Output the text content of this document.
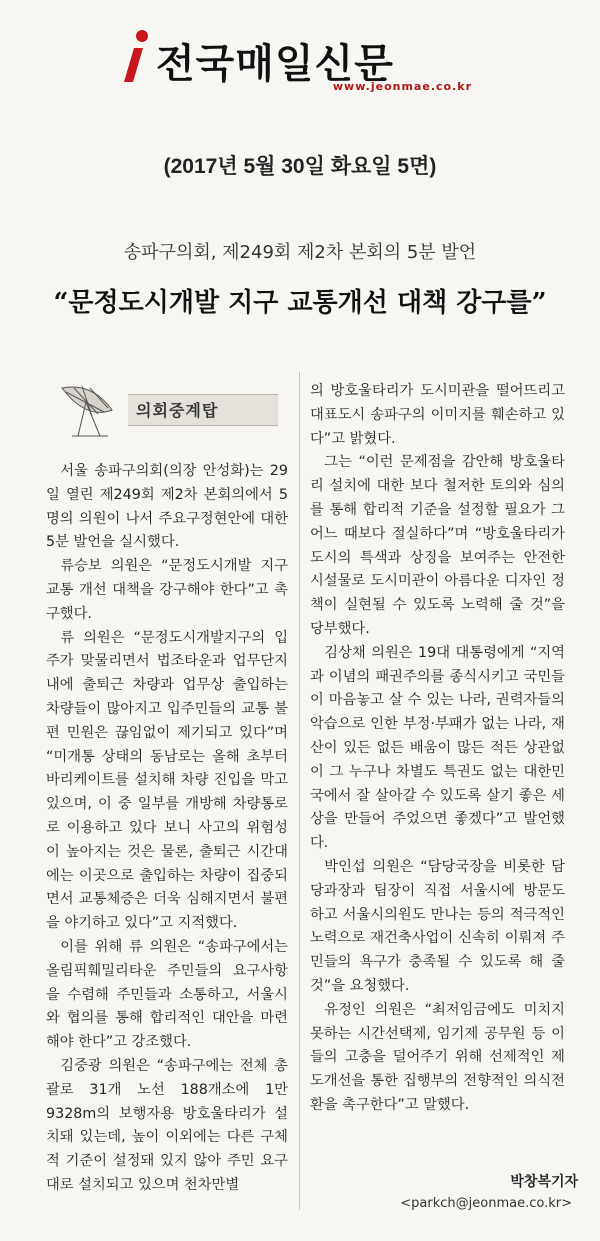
전국매일신문
www.jeonmae.co.kr
(2017년 5월 30일 화요일 5면)
송파구의회, 제249회 제2차 본회의 5분 발언
“문정도시개발 지구 교통개선 대책 강구를”
의회중계탑

서울 송파구의회(의장 안성화)는 29일 열린 제249회 제2차 본회의에서 5명의 의원이 나서 주요구정현안에 대한 5분 발언을 실시했다.

류승보 의원은 “문정도시개발 지구 교통 개선 대책을 강구해야 한다”고 촉구했다.

류 의원은 “문정도시개발지구의 입주가 맞물리면서 법조타운과 업무단지 내에 출퇴근 차량과 업무상 출입하는 차량들이 많아지고 입주민들의 교통 불편 민원은 끊임없이 제기되고 있다”며 “미개통 상태의 동남로는 올해 초부터 바리케이트를 설치해 차량 진입을 막고 있으며, 이 중 일부를 개방해 차량통로로 이용하고 있다 보니 사고의 위험성이 높아지는 것은 물론, 출퇴근 시간대에는 이곳으로 출입하는 차량이 집중되면서 교통체증은 더욱 심해지면서 불편을 야기하고 있다”고 지적했다.

이를 위해 류 의원은 “송파구에서는 올림픽훼밀리타운 주민들의 요구사항을 수렴해 주민들과 소통하고, 서울시와 협의를 통해 합리적인 대안을 마련해야 한다”고 강조했다.

김중광 의원은 “송파구에는 전체 총괄로 31개 노선 188개소에 1만 9328m의 보행자용 방호울타리가 설치돼 있는데, 높이 이외에는 다른 구체적 기준이 설정돼 있지 않아 주민 요구대로 설치되고 있으며 천차만별

의 방호울타리가 도시미관을 떨어뜨리고 대표도시 송파구의 이미지를 훼손하고 있다”고 밝혔다.

그는 “이런 문제점을 감안해 방호울타리 설치에 대한 보다 철저한 토의와 심의를 통해 합리적 기준을 설정할 필요가 그 어느 때보다 절실하다”며 “방호울타리가 도시의 특색과 상징을 보여주는 안전한 시설물로 도시미관이 아름다운 디자인 정책이 실현될 수 있도록 노력해 줄 것”을 당부했다.

김상채 의원은 19대 대통령에게 “지역과 이념의 패권주의를 종식시키고 국민들이 마음놓고 살 수 있는 나라, 권력자들의 악습으로 인한 부정·부패가 없는 나라, 재산이 있든 없든 배움이 많든 적든 상관없이 그 누구나 차별도 특권도 없는 대한민국에서 잘 살아갈 수 있도록 살기 좋은 세상을 만들어 주었으면 좋겠다”고 발언했다.

박인섭 의원은 “담당국장을 비롯한 담당과장과 팀장이 직접 서울시에 방문도 하고 서울시의원도 만나는 등의 적극적인 노력으로 재건축사업이 신속히 이뤄져 주민들의 욕구가 충족될 수 있도록 해 줄 것”을 요청했다.

유정인 의원은 “최저임금에도 미치지 못하는 시간선택제, 임기제 공무원 등 이들의 고충을 덜어주기 위해 선제적인 제도개선을 통한 집행부의 전향적인 의식전환을 촉구한다”고 말했다.

박창복기자
<parkch@jeonmae.co.kr>
